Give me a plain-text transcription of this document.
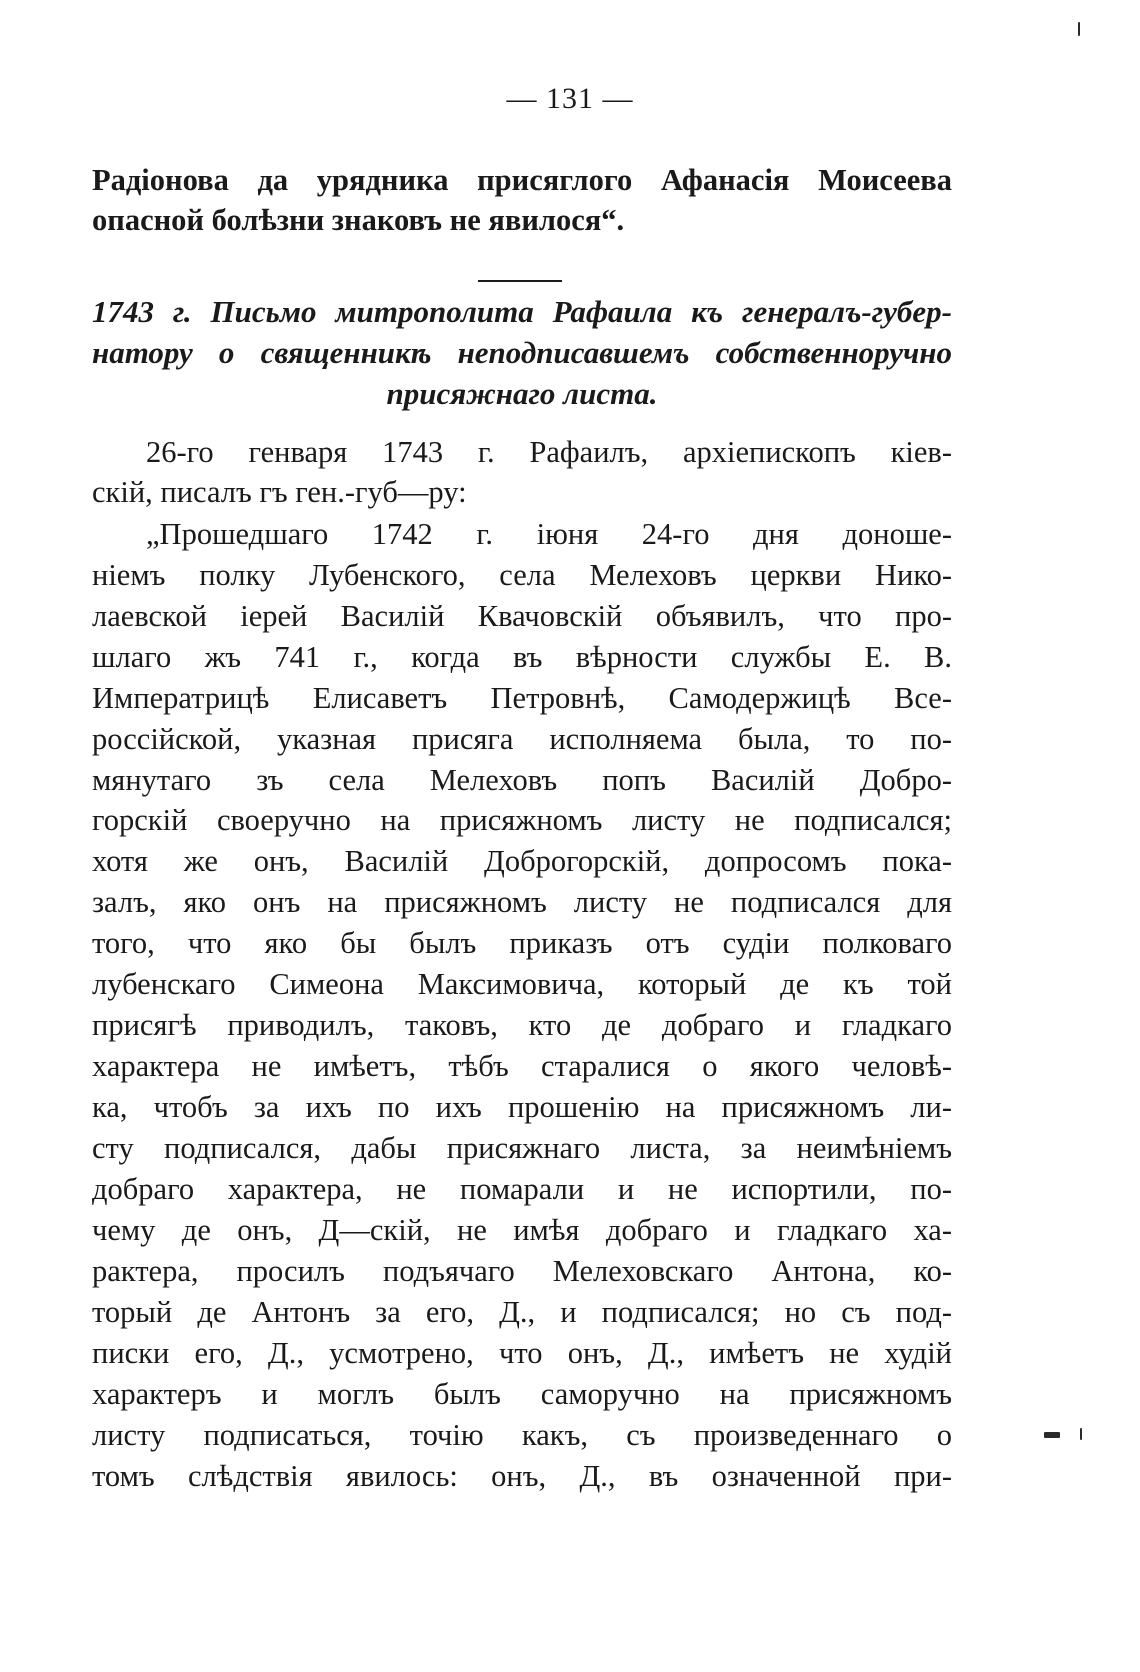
— 131 —
Радіонова да урядника присяглого Афанасія Моисеева
опасной болѣзни знаковъ не явилося“.
1743 г. Письмо митрополита Рафаила къ генералъ-губер-
натору о священникѣ неподписавшемъ собственноручно
присяжнаго листа.
26-го генваря 1743 г. Рафаилъ, архіепископъ кіев-
скій, писалъ гъ ген.-губ—ру:
„Прошедшаго 1742 г. іюня 24-го дня доноше-
ніемъ полку Лубенского, села Мелеховъ церкви Нико-
лаевской іерей Василій Квачовскій объявилъ, что про-
шлаго жъ 741 г., когда въ вѣрности службы Е. В.
Императрицѣ Елисаветъ Петровнѣ, Самодержицѣ Все-
россійской, указная присяга исполняема была, то по-
мянутаго зъ села Мелеховъ попъ Василій Добро-
горскій своеручно на присяжномъ листу не подписался;
хотя же онъ, Василій Доброгорскій, допросомъ пока-
залъ, яко онъ на присяжномъ листу не подписался для
того, что яко бы былъ приказъ отъ судіи полковаго
лубенскаго Симеона Максимовича, который де къ той
присягѣ приводилъ, таковъ, кто де добраго и гладкаго
характера не имѣетъ, тѣбъ старалися о якого человѣ-
ка, чтобъ за ихъ по ихъ прошенію на присяжномъ ли-
сту подписался, дабы присяжнаго листа, за неимѣніемъ
добраго характера, не помарали и не испортили, по-
чему де онъ, Д—скій, не имѣя добраго и гладкаго ха-
рактера, просилъ подъячаго Мелеховскаго Антона, ко-
торый де Антонъ за его, Д., и подписался; но съ под-
писки его, Д., усмотрено, что онъ, Д., имѣетъ не худій
характеръ и моглъ былъ саморучно на присяжномъ
листу подписаться, точію какъ, съ произведеннаго о
томъ слѣдствія явилось: онъ, Д., въ означенной при-
